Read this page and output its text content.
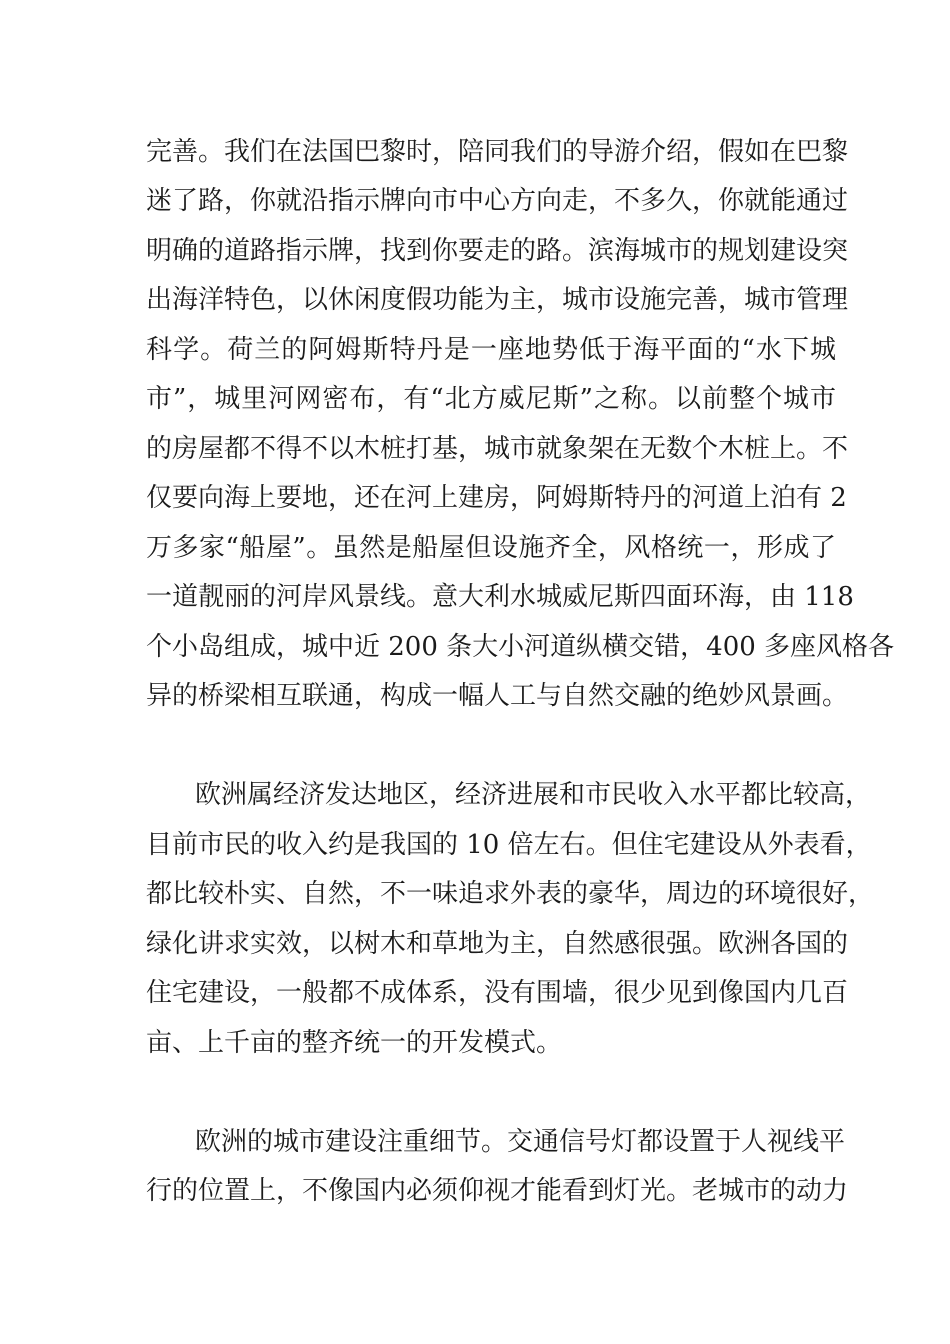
完善。我们在法国巴黎时，陪同我们的导游介绍，假如在巴黎
迷了路，你就沿指示牌向市中心方向走，不多久，你就能通过
明确的道路指示牌，找到你要走的路。滨海城市的规划建设突
出海洋特色，以休闲度假功能为主，城市设施完善，城市管理
科学。荷兰的阿姆斯特丹是一座地势低于海平面的“水下城
市”，城里河网密布，有“北方威尼斯”之称。以前整个城市
的房屋都不得不以木桩打基，城市就象架在无数个木桩上。不
仅要向海上要地，还在河上建房，阿姆斯特丹的河道上泊有 2
万多家“船屋”。虽然是船屋但设施齐全，风格统一，形成了
一道靓丽的河岸风景线。意大利水城威尼斯四面环海，由 118
个小岛组成，城中近 200 条大小河道纵横交错，400 多座风格各
异的桥梁相互联通，构成一幅人工与自然交融的绝妙风景画。
欧洲属经济发达地区，经济进展和市民收入水平都比较高，
目前市民的收入约是我国的 10 倍左右。但住宅建设从外表看，
都比较朴实、自然，不一味追求外表的豪华，周边的环境很好，
绿化讲求实效，以树木和草地为主，自然感很强。欧洲各国的
住宅建设，一般都不成体系，没有围墙，很少见到像国内几百
亩、上千亩的整齐统一的开发模式。
欧洲的城市建设注重细节。交通信号灯都设置于人视线平
行的位置上，不像国内必须仰视才能看到灯光。老城市的动力
